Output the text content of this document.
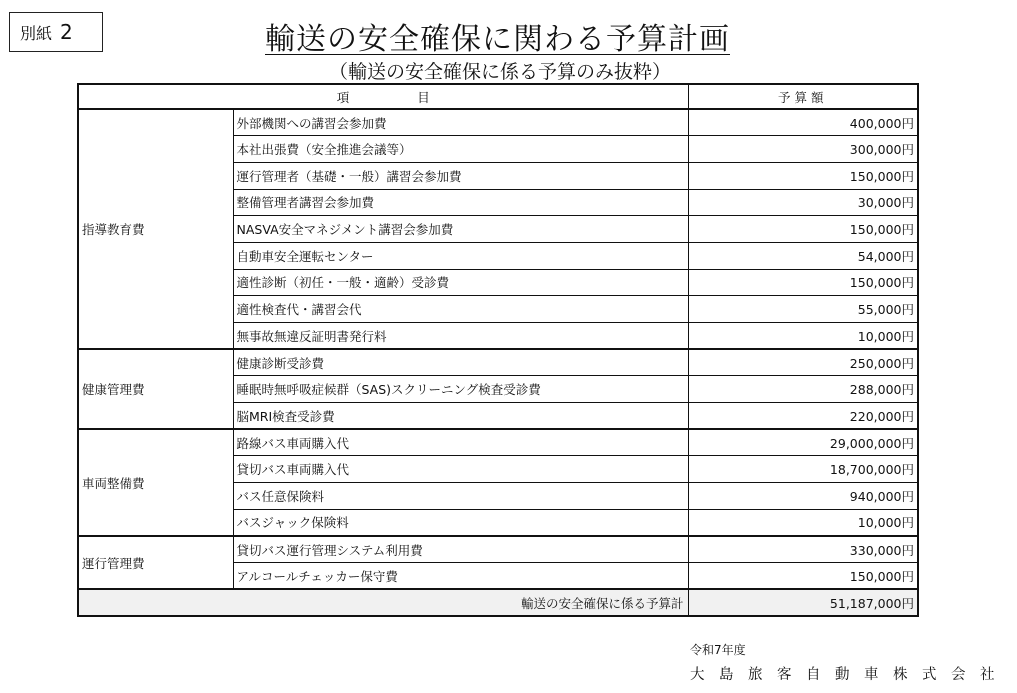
別紙 2	輸送の安全確保に関わる予算計画
（輸送の安全確保に係る予算のみ抜粋）
項 目		予算額
指導教育費	外部機関への講習会参加費	400,000円
	本社出張費（安全推進会議等）	300,000円
	運行管理者（基礎・一般）講習会参加費	150,000円
	整備管理者講習会参加費	30,000円
	NASVA安全マネジメント講習会参加費	150,000円
	自動車安全運転センター	54,000円
	適性診断（初任・一般・適齢）受診費	150,000円
	適性検査代・講習会代	55,000円
	無事故無違反証明書発行料	10,000円
健康管理費	健康診断受診費	250,000円
	睡眠時無呼吸症候群（SAS)スクリーニング検査受診費	288,000円
	脳MRI検査受診費	220,000円
車両整備費	路線バス車両購入代	29,000,000円
	貸切バス車両購入代	18,700,000円
	バス任意保険料	940,000円
	バスジャック保険料	10,000円
運行管理費	貸切バス運行管理システム利用費	330,000円
	アルコールチェッカー保守費	150,000円
輸送の安全確保に係る予算計		51,187,000円
令和7年度
大島旅客自動車株式会社
